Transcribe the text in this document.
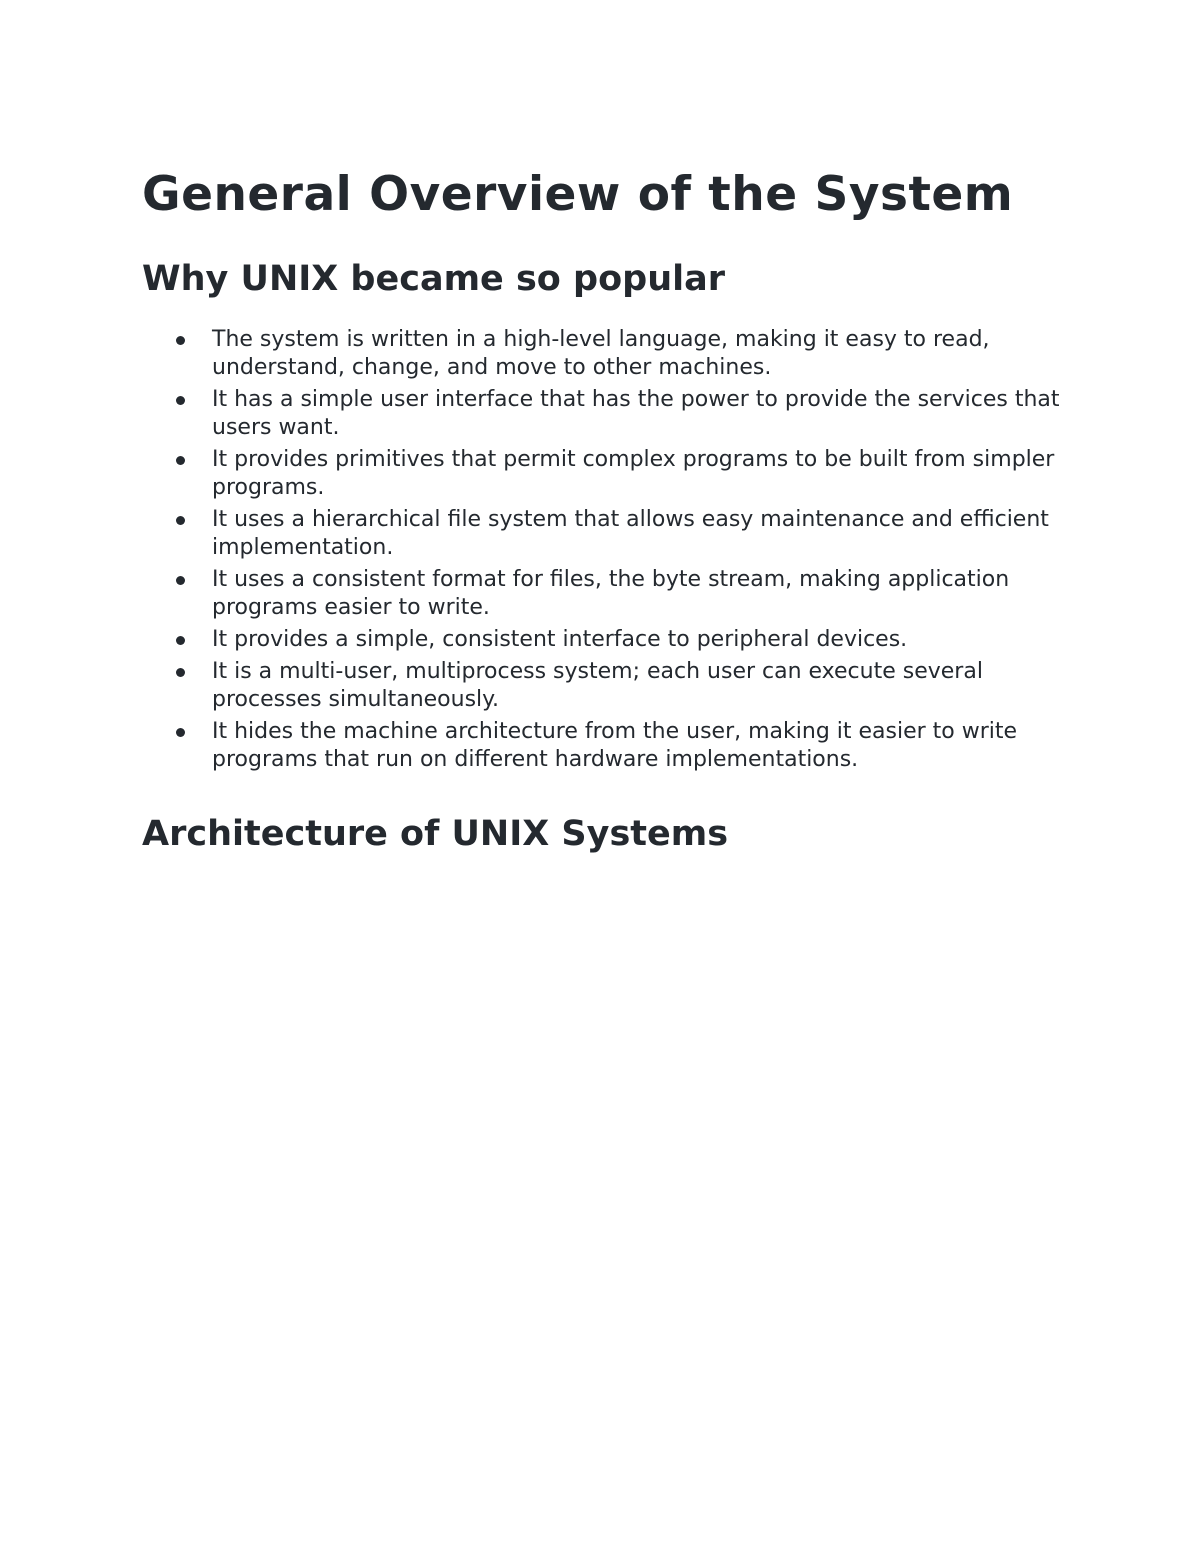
General Overview of the System
Why UNIX became so popular
The system is written in a high-level language, making it easy to read, understand, change, and move to other machines.
It has a simple user interface that has the power to provide the services that users want.
It provides primitives that permit complex programs to be built from simpler programs.
It uses a hierarchical file system that allows easy maintenance and efficient implementation.
It uses a consistent format for files, the byte stream, making application programs easier to write.
It provides a simple, consistent interface to peripheral devices.
It is a multi-user, multiprocess system; each user can execute several processes simultaneously.
It hides the machine architecture from the user, making it easier to write programs that run on different hardware implementations.
Architecture of UNIX Systems
